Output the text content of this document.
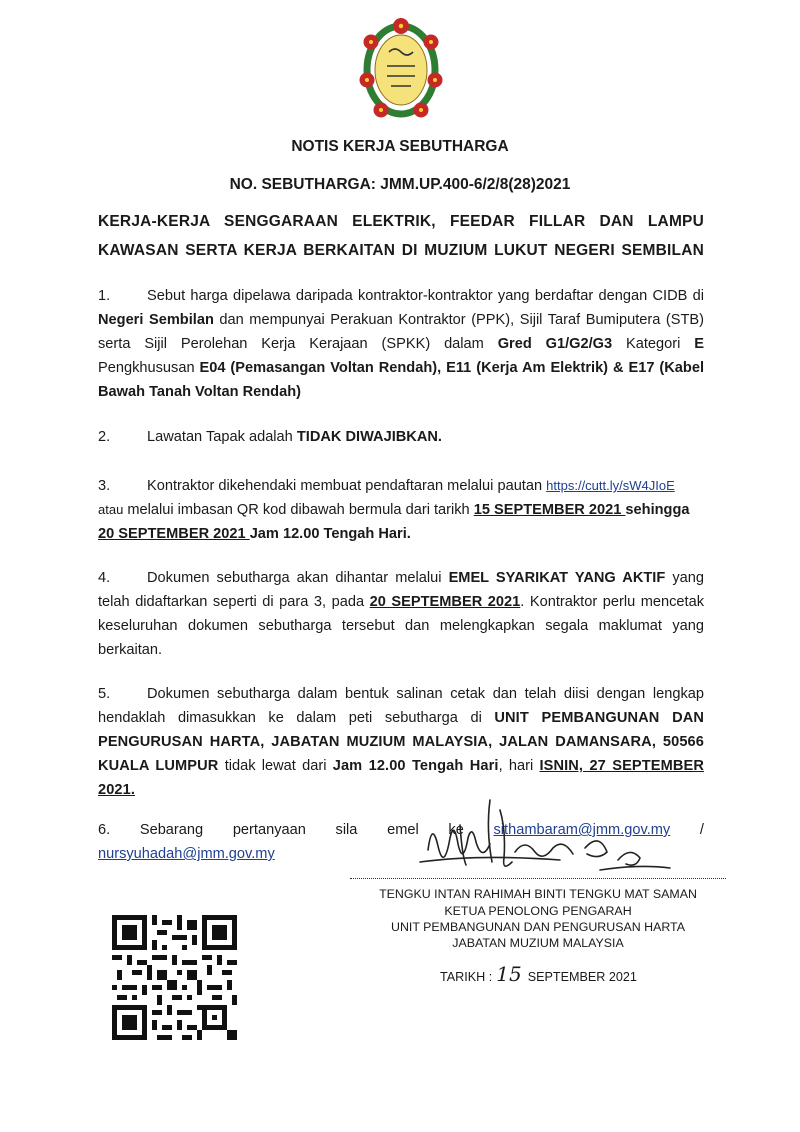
NOTIS KERJA SEBUTHARGA
NO. SEBUTHARGA: JMM.UP.400-6/2/8(28)2021
KERJA-KERJA SENGGARAAN ELEKTRIK, FEEDAR FILLAR DAN LAMPU
KAWASAN SERTA KERJA BERKAITAN DI MUZIUM LUKUT NEGERI SEMBILAN
1.	Sebut harga dipelawa daripada kontraktor-kontraktor yang berdaftar dengan CIDB di Negeri Sembilan dan mempunyai Perakuan Kontraktor (PPK), Sijil Taraf Bumiputera (STB) serta Sijil Perolehan Kerja Kerajaan (SPKK) dalam Gred G1/G2/G3 Kategori E Pengkhususan E04 (Pemasangan Voltan Rendah), E11 (Kerja Am Elektrik) & E17 (Kabel Bawah Tanah Voltan Rendah)
2.	Lawatan Tapak adalah TIDAK DIWAJIBKAN.
3.	Kontraktor dikehendaki membuat pendaftaran melalui pautan https://cutt.ly/sW4JIoE
atau melalui imbasan QR kod dibawah bermula dari tarikh 15 SEPTEMBER 2021 sehingga
20 SEPTEMBER 2021 Jam 12.00 Tengah Hari.
4.	Dokumen sebutharga akan dihantar melalui EMEL SYARIKAT YANG AKTIF yang telah didaftarkan seperti di para 3, pada 20 SEPTEMBER 2021. Kontraktor perlu mencetak keseluruhan dokumen sebutharga tersebut dan melengkapkan segala maklumat yang berkaitan.
5.	Dokumen sebutharga dalam bentuk salinan cetak dan telah diisi dengan lengkap hendaklah dimasukkan ke dalam peti sebutharga di UNIT PEMBANGUNAN DAN PENGURUSAN HARTA, JABATAN MUZIUM MALAYSIA, JALAN DAMANSARA, 50566 KUALA LUMPUR tidak lewat dari Jam 12.00 Tengah Hari, hari ISNIN, 27 SEPTEMBER 2021.
6. Sebarang pertanyaan sila emel ke sithambaram@jmm.gov.my /
nursyuhadah@jmm.gov.my
TENGKU INTAN RAHIMAH BINTI TENGKU MAT SAMAN
KETUA PENOLONG PENGARAH
UNIT PEMBANGUNAN DAN PENGURUSAN HARTA
JABATAN MUZIUM MALAYSIA
TARIKH : 15 SEPTEMBER 2021
